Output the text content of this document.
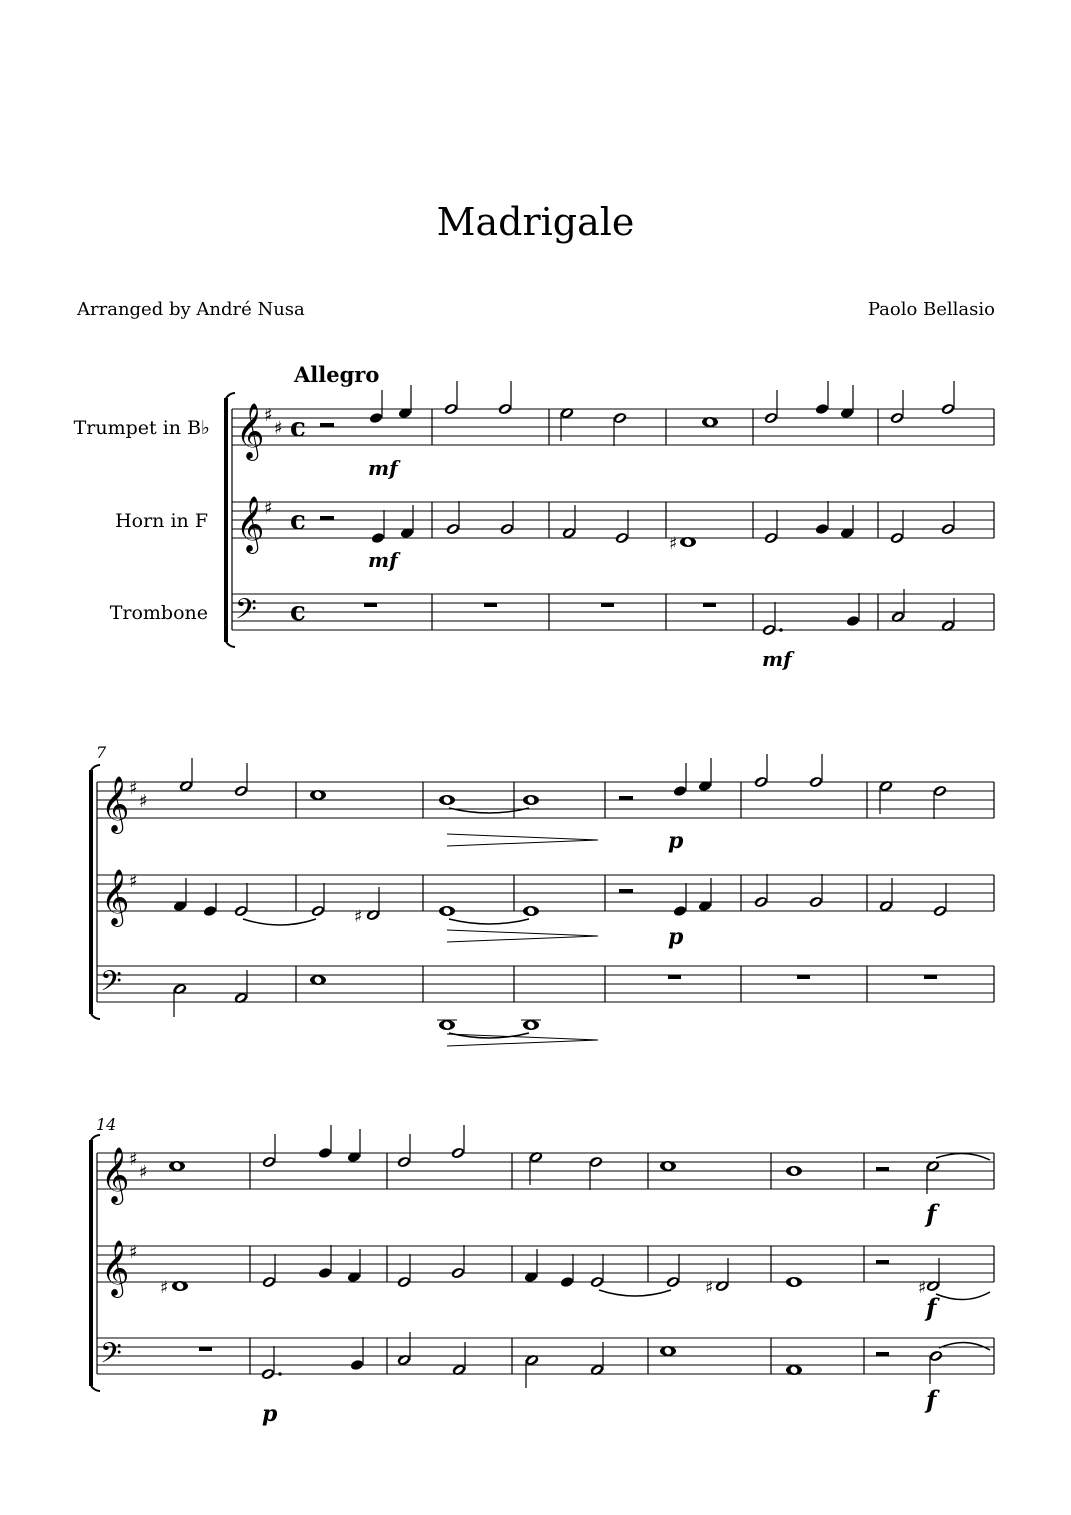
Madrigale
Arranged by André Nusa	Paolo Bellasio
Allegro
Trumpet in B♭
Horn in F
Trombone
7
14
𝄞
𝄞
𝄢
♯
♯
♯
c
c
c
♯
mf
mf
mf
𝄞
𝄞
𝄢
♯
♯
♯
♯
p
p
𝄞
𝄞
𝄢
♯
♯
♯
♯	♯	♯
f
f
f
p
